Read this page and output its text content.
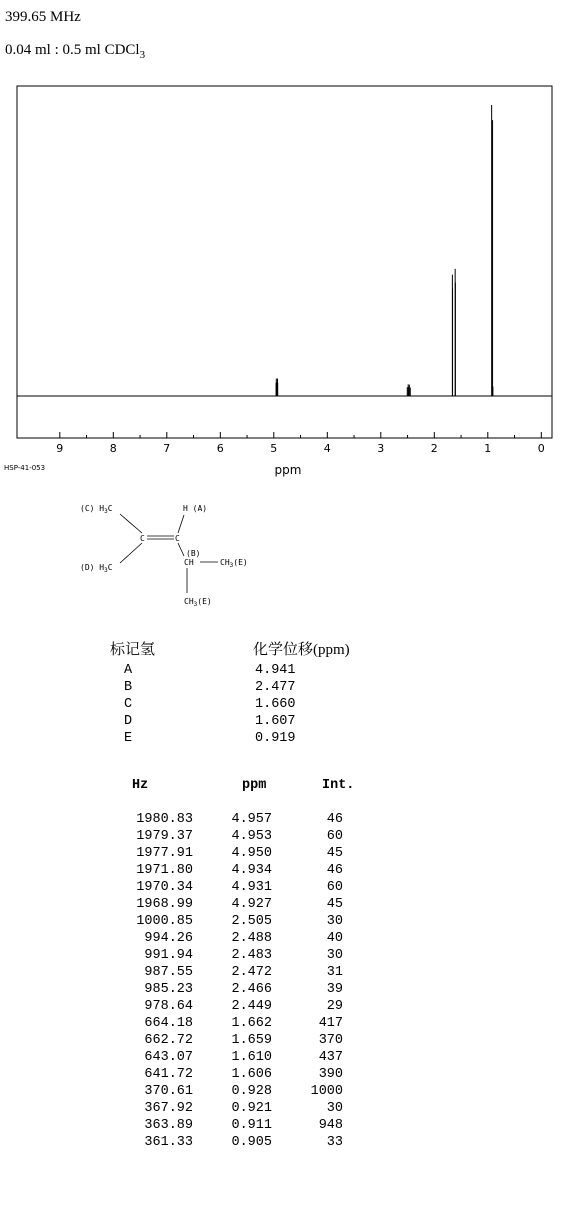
399.65 MHz
0.04 ml : 0.5 ml CDCl$_3$
9	8	7	6	5	4	3	2	1	0
ppm
HSP-41-053
(C) $H_3C$
(D) $H_3C$
H (A)
C	C
(B)
CH	$CH_3(E)$
$CH_3(E)$
标记氢	化学位移(ppm)
A	4.941
B	2.477
C	1.660
D	1.607
E	0.919
Hz	ppm	Int.
1980.83	4.957	46
1979.37	4.953	60
1977.91	4.950	45
1971.80	4.934	46
1970.34	4.931	60
1968.99	4.927	45
1000.85	2.505	30
994.26	2.488	40
991.94	2.483	30
987.55	2.472	31
985.23	2.466	39
978.64	2.449	29
664.18	1.662	417
662.72	1.659	370
643.07	1.610	437
641.72	1.606	390
370.61	0.928	1000
367.92	0.921	30
363.89	0.911	948
361.33	0.905	33
